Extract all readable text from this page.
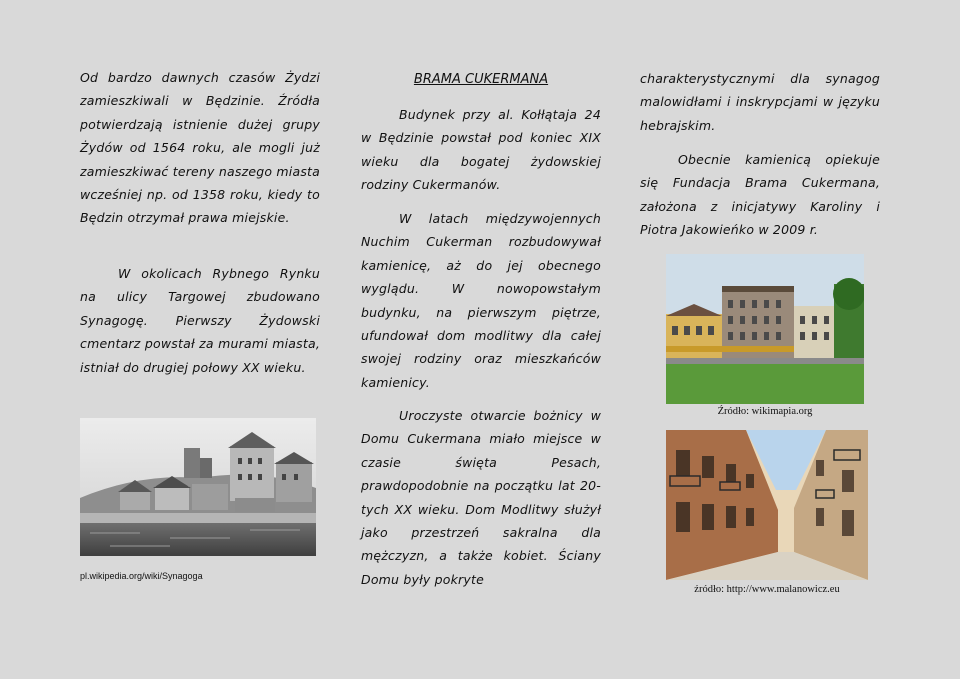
Od bardzo dawnych czasów Żydzi zamieszkiwali w Będzinie. Źródła potwierdzają istnienie dużej grupy Żydów od 1564 roku, ale mogli już zamieszkiwać tereny naszego miasta wcześniej np. od 1358 roku, kiedy to Będzin otrzymał prawa miejskie.

W okolicach Rybnego Rynku na ulicy Targowej zbudowano Synagogę. Pierwszy Żydowski cmentarz powstał za murami miasta, istniał do drugiej połowy XX wieku.

pl.wikipedia.org/wiki/Synagoga

BRAMA CUKERMANA

Budynek przy al. Kołłątaja 24 w Będzinie powstał pod koniec XIX wieku dla bogatej żydowskiej rodziny Cukermanów.

W latach międzywojennych Nuchim Cukerman rozbudowywał kamienicę, aż do jej obecnego wyglądu. W nowopowstałym budynku, na pierwszym piętrze, ufundował dom modlitwy dla całej swojej rodziny oraz mieszkańców kamienicy.

Uroczyste otwarcie bożnicy w Domu Cukermana miało miejsce w czasie święta Pesach, prawdopodobnie na początku lat 20-tych XX wieku. Dom Modlitwy służył jako przestrzeń sakralna dla mężczyzn, a także kobiet. Ściany Domu były pokryte

charakterystycznymi dla synagog malowidłami i inskrypcjami w języku hebrajskim.

Obecnie kamienicą opiekuje się Fundacja Brama Cukermana, założona z inicjatywy Karoliny i Piotra Jakowieńko w 2009 r.

Źródło: wikimapia.org
źródło: http://www.malanowicz.eu
